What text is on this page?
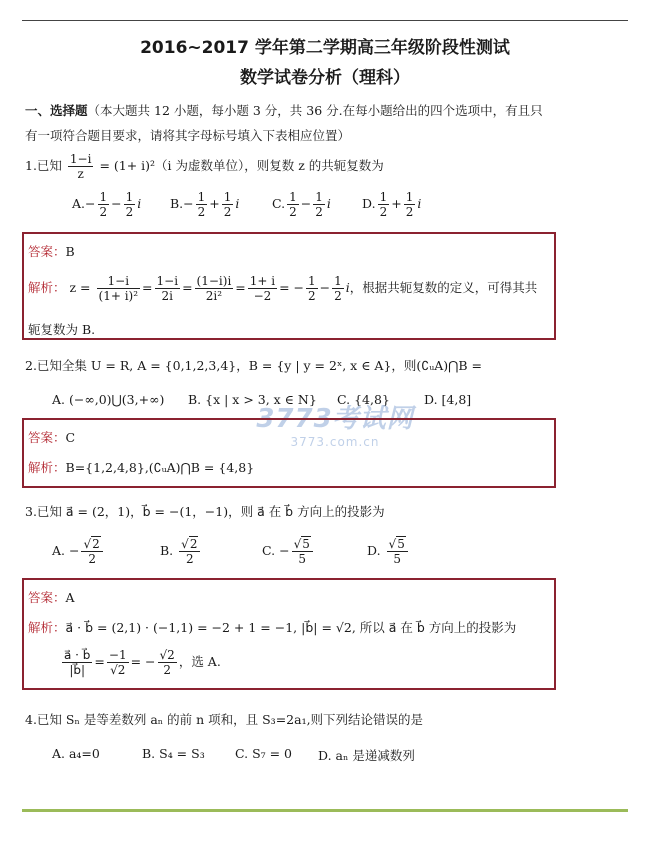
2016~2017 学年第二学期高三年级阶段性测试
数学试卷分析（理科）
一、选择题（本大题共 12 小题，每小题 3 分，共 36 分.在每小题给出的四个选项中，有且只
有一项符合题目要求，请将其字母标号填入下表相应位置）
1.已知 $\frac{1-i}{z} = (1+ i)^2(i$ 为虚数单位），则复数 z 的共轭复数为
$A.- \frac{1}{2} - \frac{1}{2}$ i $B.- \frac{1}{2} + \frac{1}{2}$ i	C. $\frac{1}{2} - \frac{1}{2}$ i D. $\frac{1}{2} + \frac{1}{2}$ i
答案：B
解析： $z = \frac{1-i}{\text{(1+ i)²}} = \frac{1-i}{2i} = \frac{(1-i)i}{\text{2i²}} = \frac{1+ i}{-2}$ = − $\frac{1}{2} - \frac{1}{2}$ i，根据共轭复数的定义，可得其共
轭复数为 B.
2.已知全集 U = R, A = {0,1,2,3,4}，B = {y | y = 2ˣ, x ∈ A}，则(∁ᵤA)⋂B =
A. (−∞,0)⋃(3,+∞) B. {x | x > 3, x ∈ N} C. {4,8}	D. [4,8]
3773考试网
3773.com.cn
答案：C
解析：B={1,2,4,8},(∁ᵤA)⋂B = {4,8}
3.已知 a⃗ = (2，1)，b⃗ = −(1，−1)，则 a⃗ 在 b⃗ 方向上的投影为
A. − $\frac{√2}{2}$	B. $\frac{√2}{2}$	C. − $\frac{√5}{5}$	D. $\frac{√5}{5}$
答案：A
解析：a⃗ · b⃗ = (2,1) · (−1,1) = −2 + 1 = −1, |b⃗| = √2, 所以 a⃗ 在 b⃗ 方向上的投影为
$\frac{a⃗ \cdot b⃗}{|b⃗|} = \frac{-1}{√2}$ = − $\frac{√2}{2}$ ，选 A.
4.已知 Sₙ 是等差数列 aₙ 的前 n 项和，且 S₃=2a₁,则下列结论错误的是
A. a₄=0	B. S₄ = S₃ C. S₇ = 0 D. aₙ 是递减数列
